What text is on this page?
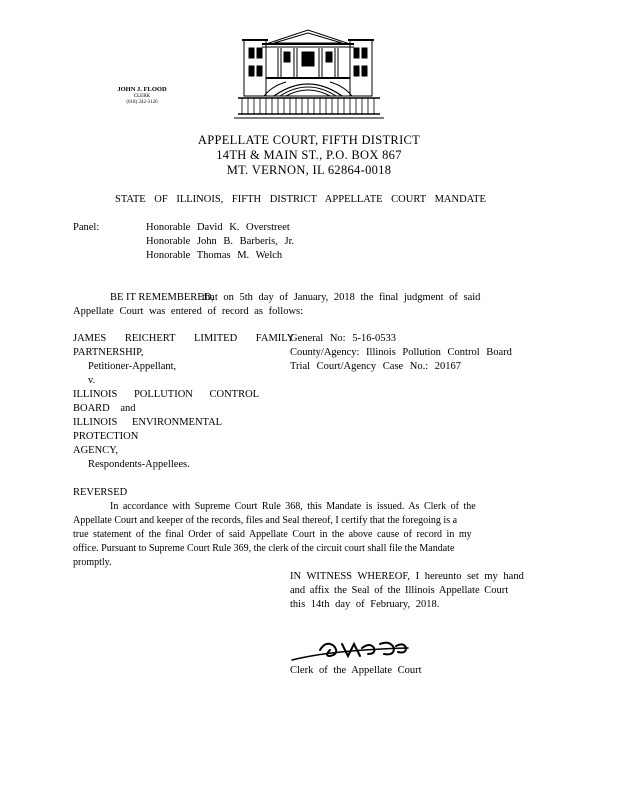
JOHN J. FLOOD
CLERK
(618) 242-3120
APPELLATE COURT, FIFTH DISTRICT
14TH & MAIN ST., P.O. BOX 867
MT. VERNON, IL 62864-0018
STATE OF ILLINOIS, FIFTH DISTRICT APPELLATE COURT MANDATE
Panel:	Honorable David K. Overstreet
Honorable John B. Barberis, Jr.
Honorable Thomas M. Welch
BE IT REMEMBERED,
that on 5th day of January, 2018 the final judgment of said
Appellate Court was entered of record as follows:
JAMES REICHERT LIMITED FAMILY
PARTNERSHIP,
Petitioner-Appellant,
v.
ILLINOIS POLLUTION CONTROL
BOARD and
ILLINOIS ENVIRONMENTAL
PROTECTION
AGENCY,
Respondents-Appellees.
General No: 5-16-0533
County/Agency: Illinois Pollution Control Board
Trial Court/Agency Case No.: 20167
REVERSED
In accordance with Supreme Court Rule 368, this Mandate is issued. As Clerk of the
Appellate Court and keeper of the records, files and Seal thereof, I certify that the foregoing is a
true statement of the final Order of said Appellate Court in the above cause of record in my
office. Pursuant to Supreme Court Rule 369, the clerk of the circuit court shall file the Mandate
promptly.
IN WITNESS WHEREOF, I hereunto set my hand
and affix the Seal of the Illinois Appellate Court
this 14th day of February, 2018.
Clerk of the Appellate Court
